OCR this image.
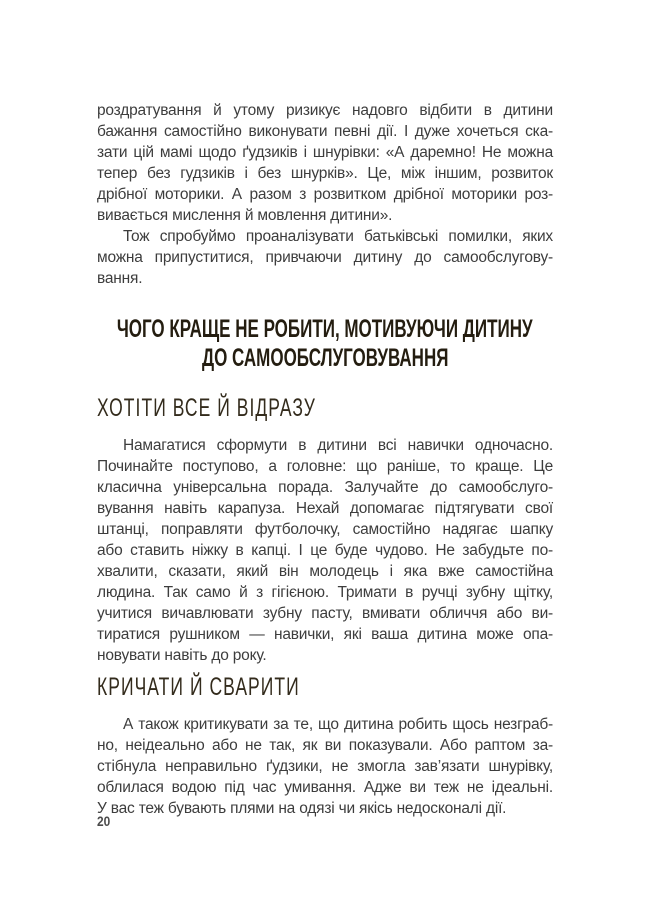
роздратування й утому ризикує надовго відбити в дитини
бажання самостійно виконувати певні дії. І дуже хочеться ска-
зати цій мамі щодо ґудзиків і шнурівки: «А даремно! Не можна
тепер без гудзиків і без шнурків». Це, між іншим, розвиток
дрібної моторики. А разом з розвитком дрібної моторики роз-
вивається мислення й мовлення дитини».
Тож спробуймо проаналізувати батьківські помилки, яких
можна припуститися, привчаючи дитину до самообслугову-
вання.
ЧОГО КРАЩЕ НЕ РОБИТИ, МОТИВУЮЧИ ДИТИНУ
ДО САМООБСЛУГОВУВАННЯ
ХОТІТИ ВСЕ Й ВІДРАЗУ
Намагатися сформути в дитини всі навички одночасно.
Починайте поступово, а головне: що раніше, то краще. Це
класична універсальна порада. Залучайте до самообслуго-
вування навіть карапуза. Нехай допомагає підтягувати свої
штанці, поправляти футболочку, самостійно надягає шапку
або ставить ніжку в капці. І це буде чудово. Не забудьте по-
хвалити, сказати, який він молодець і яка вже самостійна
людина. Так само й з гігієною. Тримати в ручці зубну щітку,
учитися вичавлювати зубну пасту, вмивати обличчя або ви-
тиратися рушником — навички, які ваша дитина може опа-
новувати навіть до року.
КРИЧАТИ Й СВАРИТИ
А також критикувати за те, що дитина робить щось незграб-
но, неідеально або не так, як ви показували. Або раптом за-
стібнула неправильно ґудзики, не змогла зав’язати шнурівку,
облилася водою під час умивання. Адже ви теж не ідеальні.
У вас теж бувають плями на одязі чи якісь недосконалі дії.
20
